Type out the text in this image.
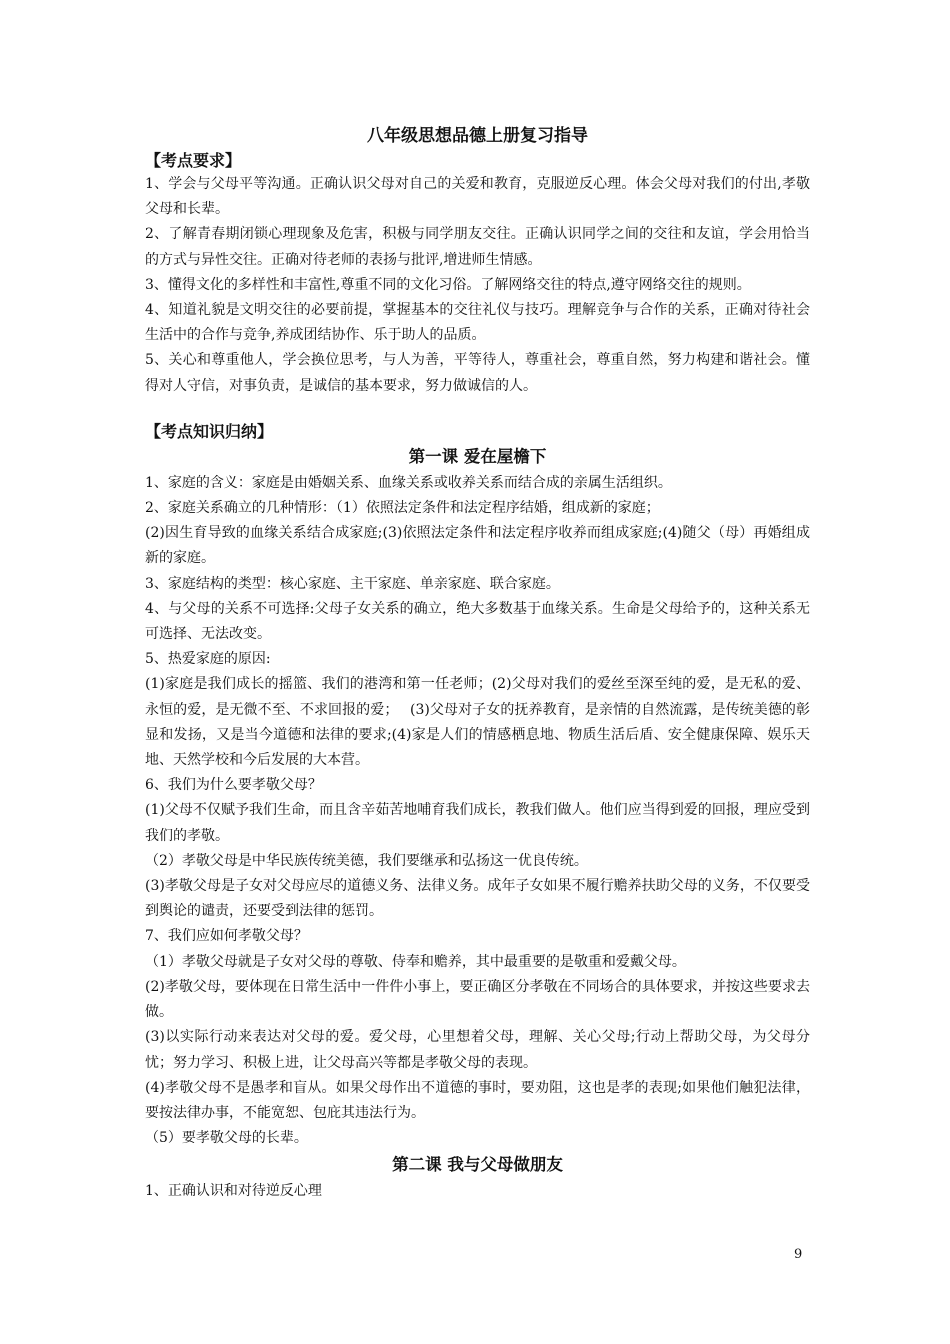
八年级思想品德上册复习指导

【考点要求】

1、学会与父母平等沟通。正确认识父母对自己的关爱和教育，克服逆反心理。体会父母对我们的付出,孝敬父母和长辈。

2、了解青春期闭锁心理现象及危害，积极与同学朋友交往。正确认识同学之间的交往和友谊，学会用恰当的方式与异性交往。正确对待老师的表扬与批评,增进师生情感。

3、懂得文化的多样性和丰富性,尊重不同的文化习俗。了解网络交往的特点,遵守网络交往的规则。

4、知道礼貌是文明交往的必要前提，掌握基本的交往礼仪与技巧。理解竞争与合作的关系，正确对待社会生活中的合作与竞争,养成团结协作、乐于助人的品质。

5、关心和尊重他人，学会换位思考，与人为善，平等待人，尊重社会，尊重自然，努力构建和谐社会。懂得对人守信，对事负责，是诚信的基本要求，努力做诚信的人。

【考点知识归纳】

第一课 爱在屋檐下

1、家庭的含义：家庭是由婚姻关系、血缘关系或收养关系而结合成的亲属生活组织。

2、家庭关系确立的几种情形：（1）依照法定条件和法定程序结婚，组成新的家庭；

(2)因生育导致的血缘关系结合成家庭;(3)依照法定条件和法定程序收养而组成家庭;(4)随父（母）再婚组成新的家庭。

3、家庭结构的类型：核心家庭、主干家庭、单亲家庭、联合家庭。

4、与父母的关系不可选择:父母子女关系的确立，绝大多数基于血缘关系。生命是父母给予的，这种关系无可选择、无法改变。

5、热爱家庭的原因:

(1)家庭是我们成长的摇篮、我们的港湾和第一任老师；(2)父母对我们的爱丝至深至纯的爱，是无私的爱、永恒的爱，是无微不至、不求回报的爱；　 (3)父母对子女的抚养教育，是亲情的自然流露，是传统美德的彰显和发扬，又是当今道德和法律的要求;(4)家是人们的情感栖息地、物质生活后盾、安全健康保障、娱乐天地、天然学校和今后发展的大本营。

6、我们为什么要孝敬父母？

(1)父母不仅赋予我们生命，而且含辛茹苦地哺育我们成长，教我们做人。他们应当得到爱的回报，理应受到我们的孝敬。

（2）孝敬父母是中华民族传统美德，我们要继承和弘扬这一优良传统。

(3)孝敬父母是子女对父母应尽的道德义务、法律义务。成年子女如果不履行赡养扶助父母的义务，不仅要受到舆论的谴责，还要受到法律的惩罚。

7、我们应如何孝敬父母？

（1）孝敬父母就是子女对父母的尊敬、侍奉和赡养，其中最重要的是敬重和爱戴父母。

(2)孝敬父母，要体现在日常生活中一件件小事上，要正确区分孝敬在不同场合的具体要求，并按这些要求去做。

(3)以实际行动来表达对父母的爱。爱父母，心里想着父母，理解、关心父母;行动上帮助父母，为父母分忧；努力学习、积极上进，让父母高兴等都是孝敬父母的表现。

(4)孝敬父母不是愚孝和盲从。如果父母作出不道德的事时，要劝阻，这也是孝的表现;如果他们触犯法律，要按法律办事，不能宽恕、包庇其违法行为。

（5）要孝敬父母的长辈。

第二课 我与父母做朋友

1、正确认识和对待逆反心理

9
